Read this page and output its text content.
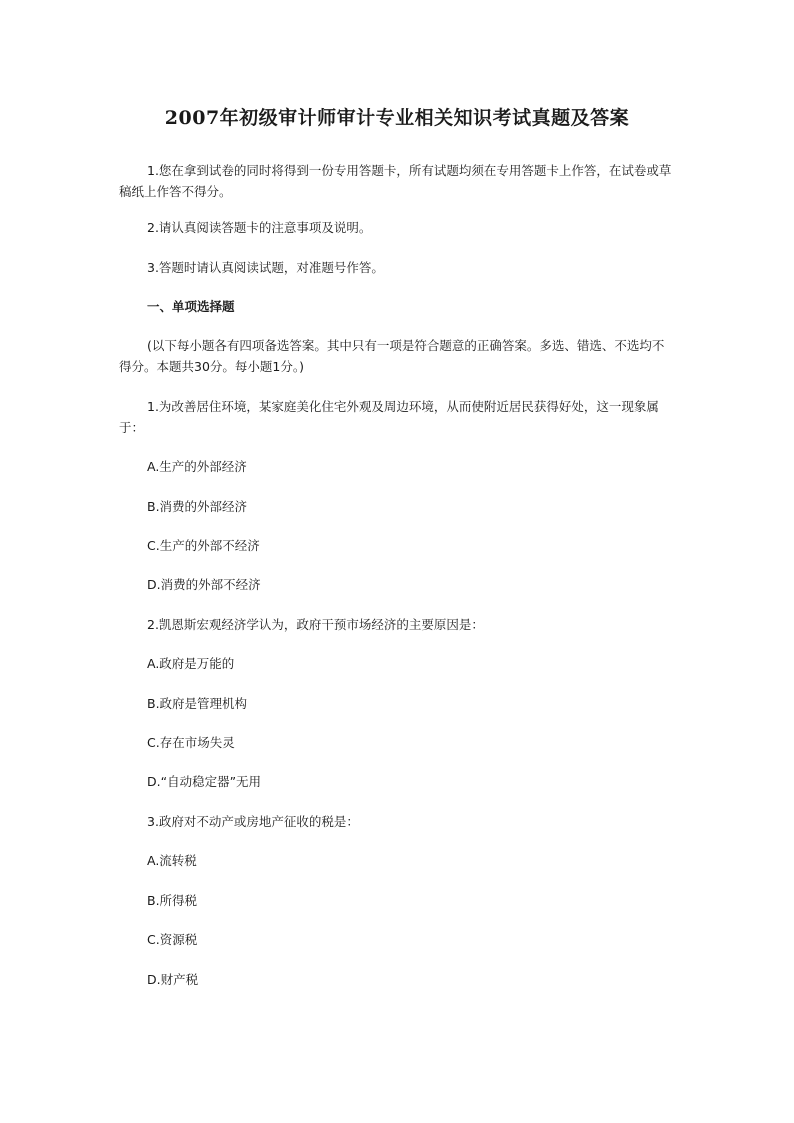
2007年初级审计师审计专业相关知识考试真题及答案

1.您在拿到试卷的同时将得到一份专用答题卡，所有试题均须在专用答题卡上作答，在试卷或草稿纸上作答不得分。

2.请认真阅读答题卡的注意事项及说明。

3.答题时请认真阅读试题，对准题号作答。

一、单项选择题

(以下每小题各有四项备选答案。其中只有一项是符合题意的正确答案。多选、错选、不选均不得分。本题共30分。每小题1分。)

1.为改善居住环境，某家庭美化住宅外观及周边环境，从而使附近居民获得好处，这一现象属于：

A.生产的外部经济

B.消费的外部经济

C.生产的外部不经济

D.消费的外部不经济

2.凯恩斯宏观经济学认为，政府干预市场经济的主要原因是：

A.政府是万能的

B.政府是管理机构

C.存在市场失灵

D.“自动稳定器”无用

3.政府对不动产或房地产征收的税是：

A.流转税

B.所得税

C.资源税

D.财产税
